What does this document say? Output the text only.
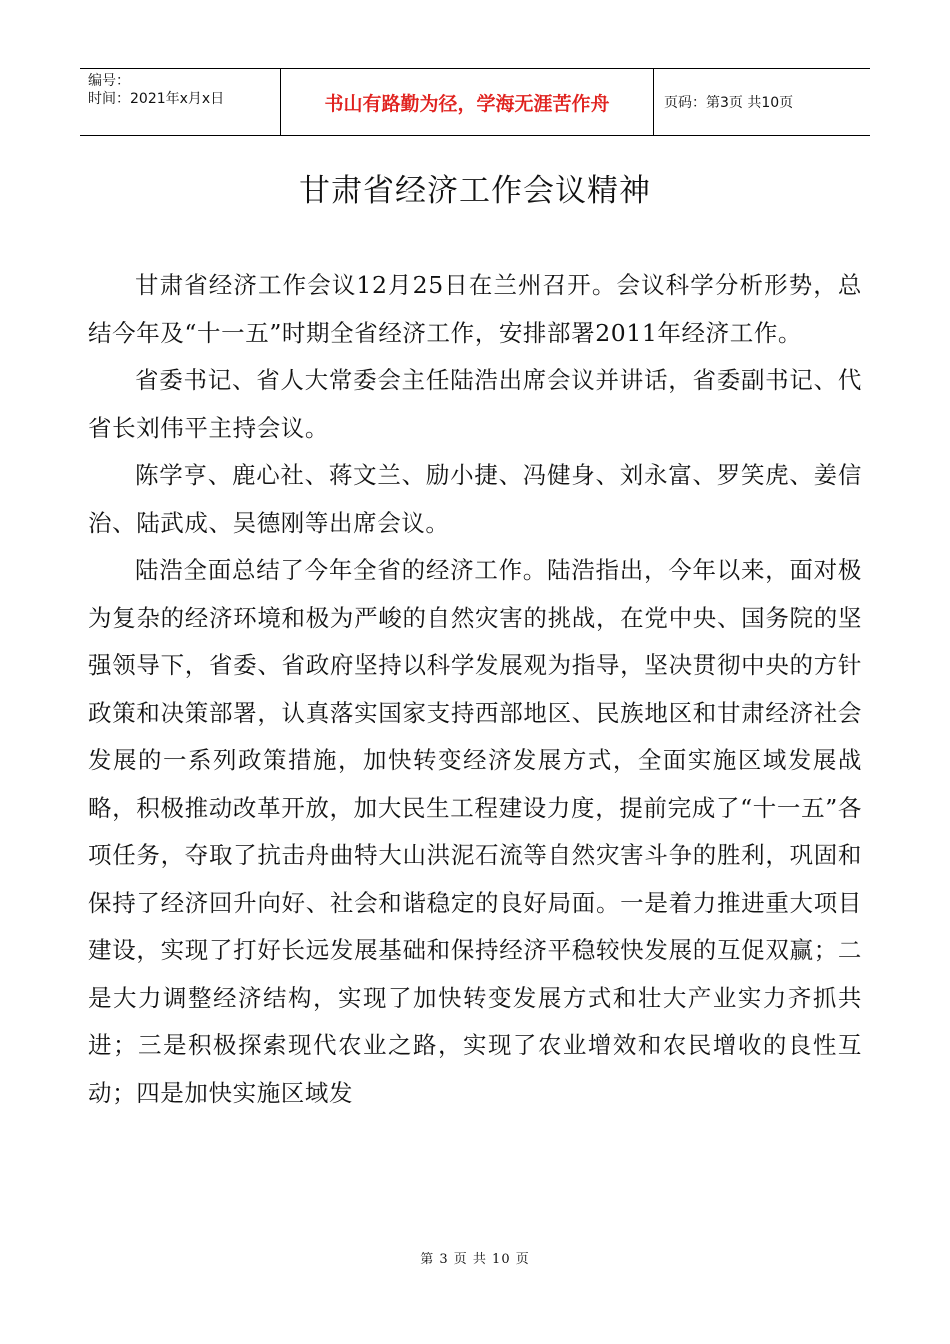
编号：
时间：2021年x月x日	书山有路勤为径，学海无涯苦作舟	页码：第3页 共10页
甘肃省经济工作会议精神

甘肃省经济工作会议12月25日在兰州召开。会议科学分析形势，总结今年及“十一五”时期全省经济工作，安排部署2011年经济工作。

省委书记、省人大常委会主任陆浩出席会议并讲话，省委副书记、代省长刘伟平主持会议。

陈学亨、鹿心社、蒋文兰、励小捷、冯健身、刘永富、罗笑虎、姜信治、陆武成、吴德刚等出席会议。

陆浩全面总结了今年全省的经济工作。陆浩指出，今年以来，面对极为复杂的经济环境和极为严峻的自然灾害的挑战，在党中央、国务院的坚强领导下，省委、省政府坚持以科学发展观为指导，坚决贯彻中央的方针政策和决策部署，认真落实国家支持西部地区、民族地区和甘肃经济社会发展的一系列政策措施，加快转变经济发展方式，全面实施区域发展战略，积极推动改革开放，加大民生工程建设力度，提前完成了“十一五”各项任务，夺取了抗击舟曲特大山洪泥石流等自然灾害斗争的胜利，巩固和保持了经济回升向好、社会和谐稳定的良好局面。一是着力推进重大项目建设，实现了打好长远发展基础和保持经济平稳较快发展的互促双赢；二是大力调整经济结构，实现了加快转变发展方式和壮大产业实力齐抓共进；三是积极探索现代农业之路，实现了农业增效和农民增收的良性互动；四是加快实施区域发

第 3 页 共 10 页
